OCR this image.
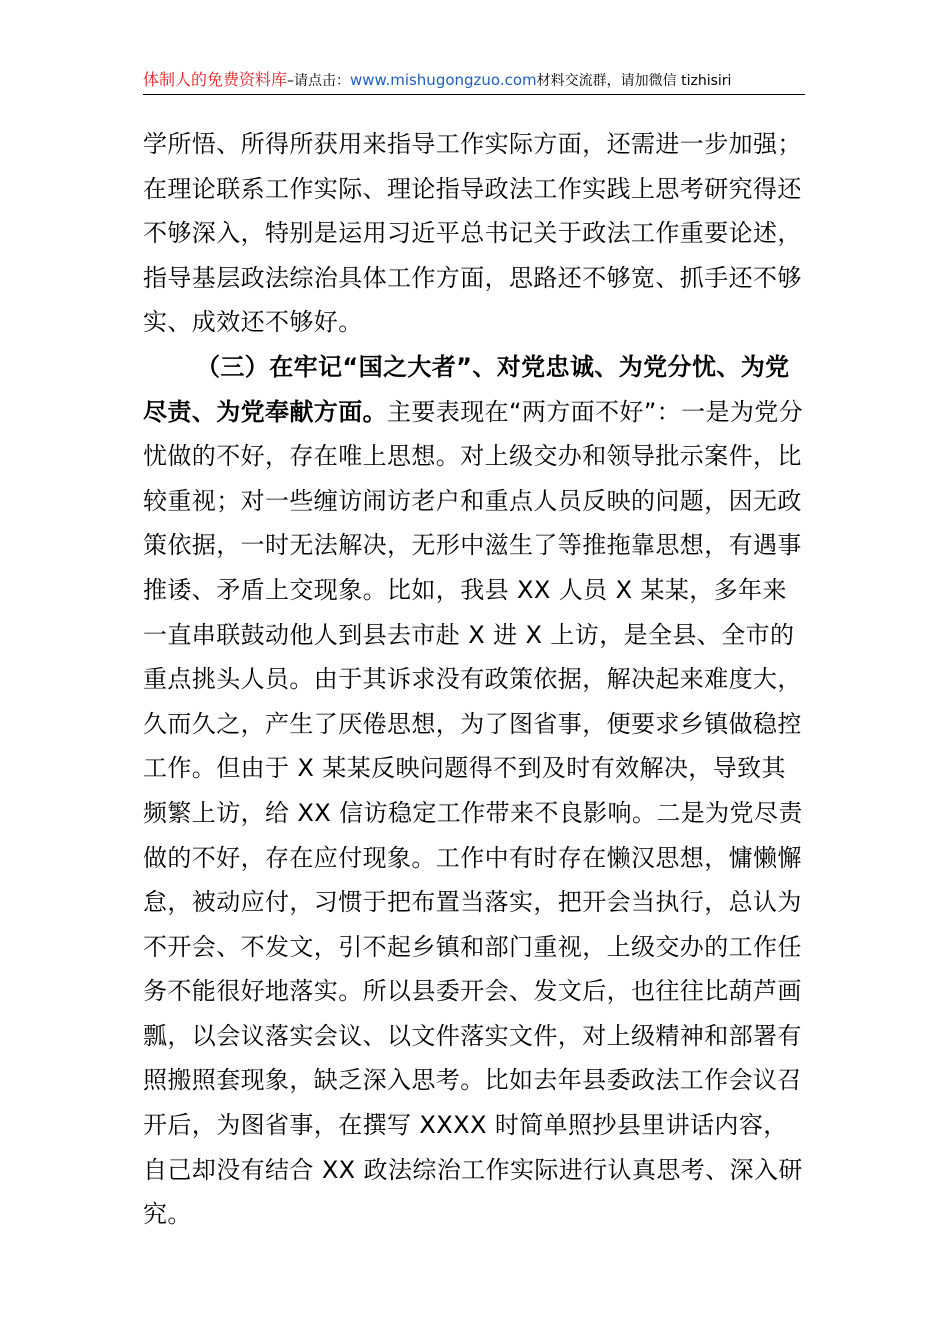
体制人的免费资料库–请点击：www.mishugongzuo.com材料交流群，请加微信 tizhisiri

学所悟、所得所获用来指导工作实际方面，还需进一步加强；在理论联系工作实际、理论指导政法工作实践上思考研究得还不够深入，特别是运用习近平总书记关于政法工作重要论述，指导基层政法综治具体工作方面，思路还不够宽、抓手还不够实、成效还不够好。

（三）在牢记“国之大者”、对党忠诚、为党分忧、为党尽责、为党奉献方面。主要表现在“两方面不好”：一是为党分忧做的不好，存在唯上思想。对上级交办和领导批示案件，比较重视；对一些缠访闹访老户和重点人员反映的问题，因无政策依据，一时无法解决，无形中滋生了等推拖靠思想，有遇事推诿、矛盾上交现象。比如，我县 XX 人员 X 某某，多年来一直串联鼓动他人到县去市赴 X 进 X 上访，是全县、全市的重点挑头人员。由于其诉求没有政策依据，解决起来难度大，久而久之，产生了厌倦思想，为了图省事，便要求乡镇做稳控工作。但由于 X 某某反映问题得不到及时有效解决，导致其频繁上访，给 XX 信访稳定工作带来不良影响。二是为党尽责做的不好，存在应付现象。工作中有时存在懒汉思想，慵懒懈怠，被动应付，习惯于把布置当落实，把开会当执行，总认为不开会、不发文，引不起乡镇和部门重视，上级交办的工作任务不能很好地落实。所以县委开会、发文后，也往往比葫芦画瓢，以会议落实会议、以文件落实文件，对上级精神和部署有照搬照套现象，缺乏深入思考。比如去年县委政法工作会议召开后，为图省事，在撰写 XXXX 时简单照抄县里讲话内容，自己却没有结合 XX 政法综治工作实际进行认真思考、深入研究。
